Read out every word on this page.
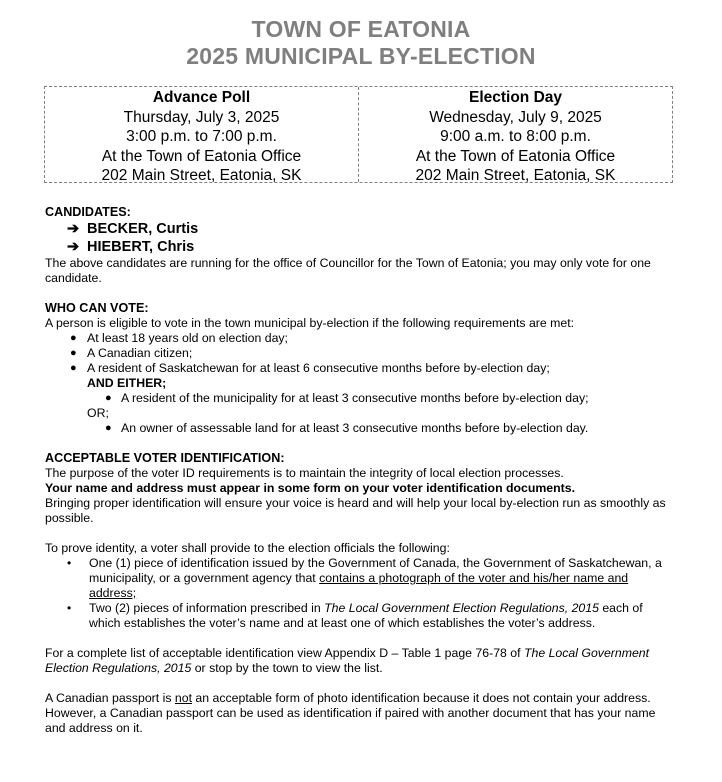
TOWN OF EATONIA
2025 MUNICIPAL BY-ELECTION
Advance Poll
Thursday, July 3, 2025
3:00 p.m. to 7:00 p.m.
At the Town of Eatonia Office
202 Main Street, Eatonia, SK
Election Day
Wednesday, July 9, 2025
9:00 a.m. to 8:00 p.m.
At the Town of Eatonia Office
202 Main Street, Eatonia, SK

CANDIDATES:

➔ BECKER, Curtis
➔ HIEBERT, Chris

The above candidates are running for the office of Councillor for the Town of Eatonia; you may only vote for one candidate.

WHO CAN VOTE:

A person is eligible to vote in the town municipal by-election if the following requirements are met:

● At least 18 years old on election day;
● A Canadian citizen;
● A resident of Saskatchewan for at least 6 consecutive months before by-election day;
AND EITHER;
● A resident of the municipality for at least 3 consecutive months before by-election day;
OR;
● An owner of assessable land for at least 3 consecutive months before by-election day.

ACCEPTABLE VOTER IDENTIFICATION:

The purpose of the voter ID requirements is to maintain the integrity of local election processes.

Your name and address must appear in some form on your voter identification documents.

Bringing proper identification will ensure your voice is heard and will help your local by-election run as smoothly as possible.

To prove identity, a voter shall provide to the election officials the following:

• One (1) piece of identification issued by the Government of Canada, the Government of Saskatchewan, a municipality, or a government agency that contains a photograph of the voter and his/her name and address;
• Two (2) pieces of information prescribed in The Local Government Election Regulations, 2015 each of which establishes the voter’s name and at least one of which establishes the voter’s address.

For a complete list of acceptable identification view Appendix D – Table 1 page 76-78 of The Local Government Election Regulations, 2015 or stop by the town to view the list.

A Canadian passport is not an acceptable form of photo identification because it does not contain your address. However, a Canadian passport can be used as identification if paired with another document that has your name and address on it.
